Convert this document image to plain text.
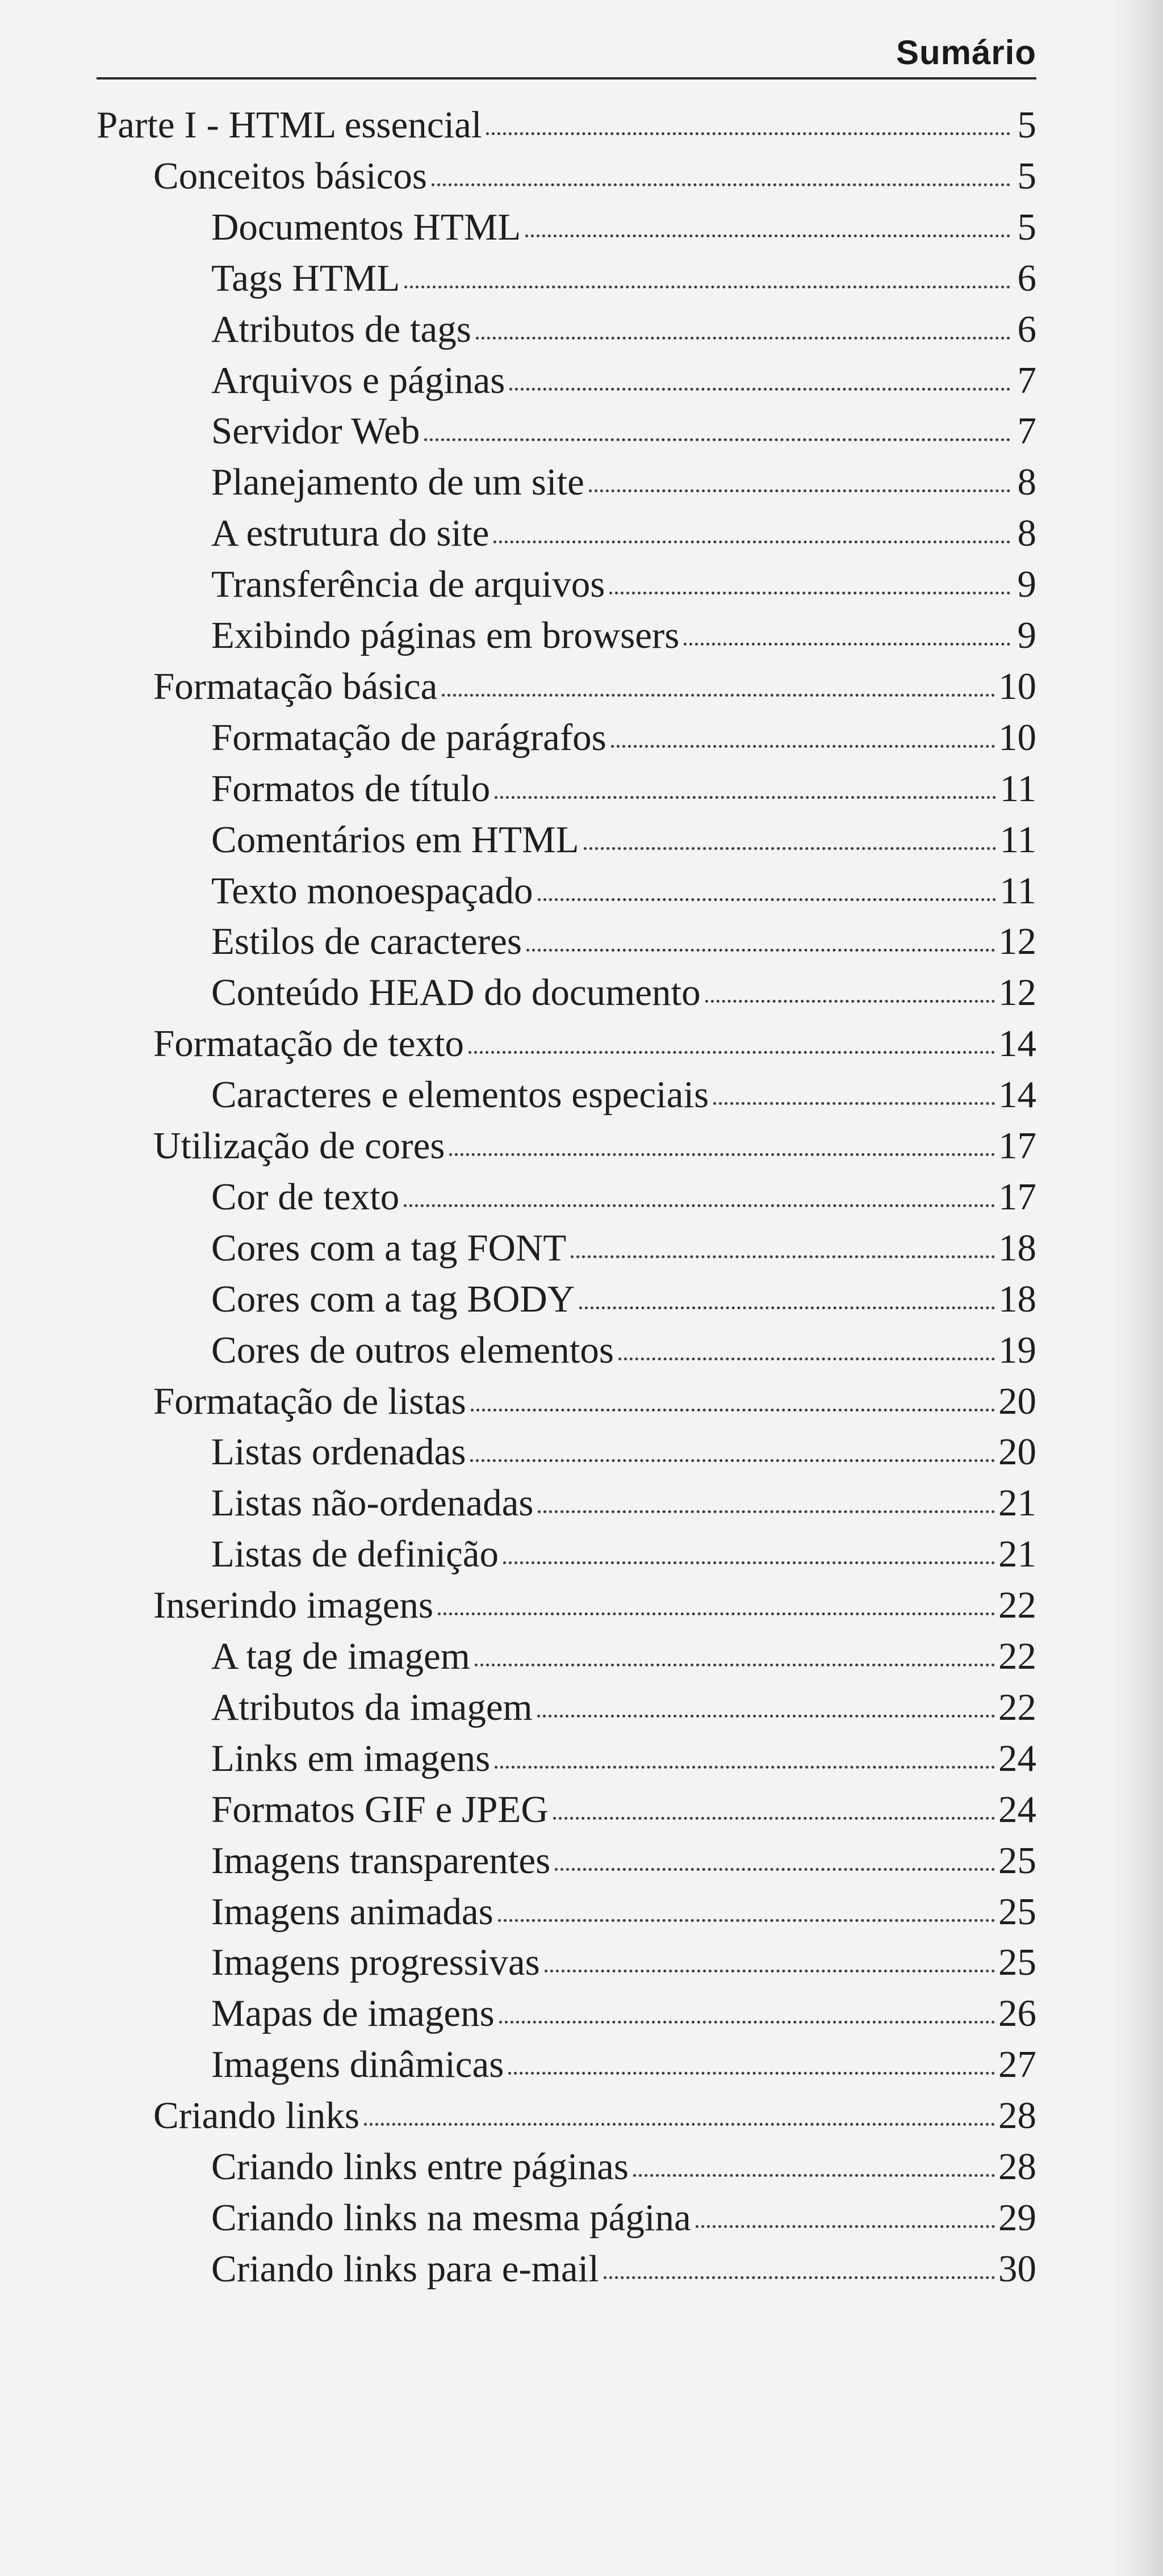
Sumário
Parte I - HTML essencial	5
Conceitos básicos	5
Documentos HTML	5
Tags HTML	6
Atributos de tags	6
Arquivos e páginas	7
Servidor Web	7
Planejamento de um site	8
A estrutura do site	8
Transferência de arquivos	9
Exibindo páginas em browsers	9
Formatação básica	10
Formatação de parágrafos	10
Formatos de título	11
Comentários em HTML	11
Texto monoespaçado	11
Estilos de caracteres	12
Conteúdo HEAD do documento	12
Formatação de texto	14
Caracteres e elementos especiais	14
Utilização de cores	17
Cor de texto	17
Cores com a tag FONT	18
Cores com a tag BODY	18
Cores de outros elementos	19
Formatação de listas	20
Listas ordenadas	20
Listas não-ordenadas	21
Listas de definição	21
Inserindo imagens	22
A tag de imagem	22
Atributos da imagem	22
Links em imagens	24
Formatos GIF e JPEG	24
Imagens transparentes	25
Imagens animadas	25
Imagens progressivas	25
Mapas de imagens	26
Imagens dinâmicas	27
Criando links	28
Criando links entre páginas	28
Criando links na mesma página	29
Criando links para e-mail	30
